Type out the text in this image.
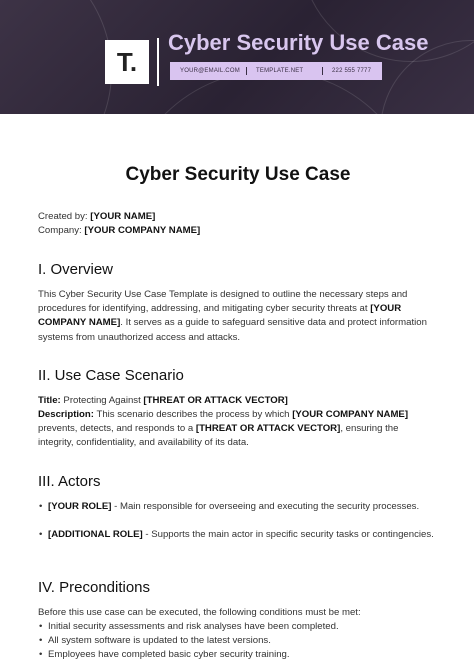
T.
Cyber Security Use Case
YOUR@EMAIL.COM	TEMPLATE.NET	222 555 7777
Cyber Security Use Case
Created by: [YOUR NAME]
Company: [YOUR COMPANY NAME]
I. Overview
This Cyber Security Use Case Template is designed to outline the necessary steps and procedures for identifying, addressing, and mitigating cyber security threats at [YOUR COMPANY NAME]. It serves as a guide to safeguard sensitive data and protect information systems from unauthorized access and attacks.
II. Use Case Scenario
Title: Protecting Against [THREAT OR ATTACK VECTOR]
Description: This scenario describes the process by which [YOUR COMPANY NAME] prevents, detects, and responds to a [THREAT OR ATTACK VECTOR], ensuring the integrity, confidentiality, and availability of its data.
III. Actors
• [YOUR ROLE] - Main responsible for overseeing and executing the security processes.
• [ADDITIONAL ROLE] - Supports the main actor in specific security tasks or contingencies.
IV. Preconditions
Before this use case can be executed, the following conditions must be met:
• Initial security assessments and risk analyses have been completed.
• All system software is updated to the latest versions.
• Employees have completed basic cyber security training.
